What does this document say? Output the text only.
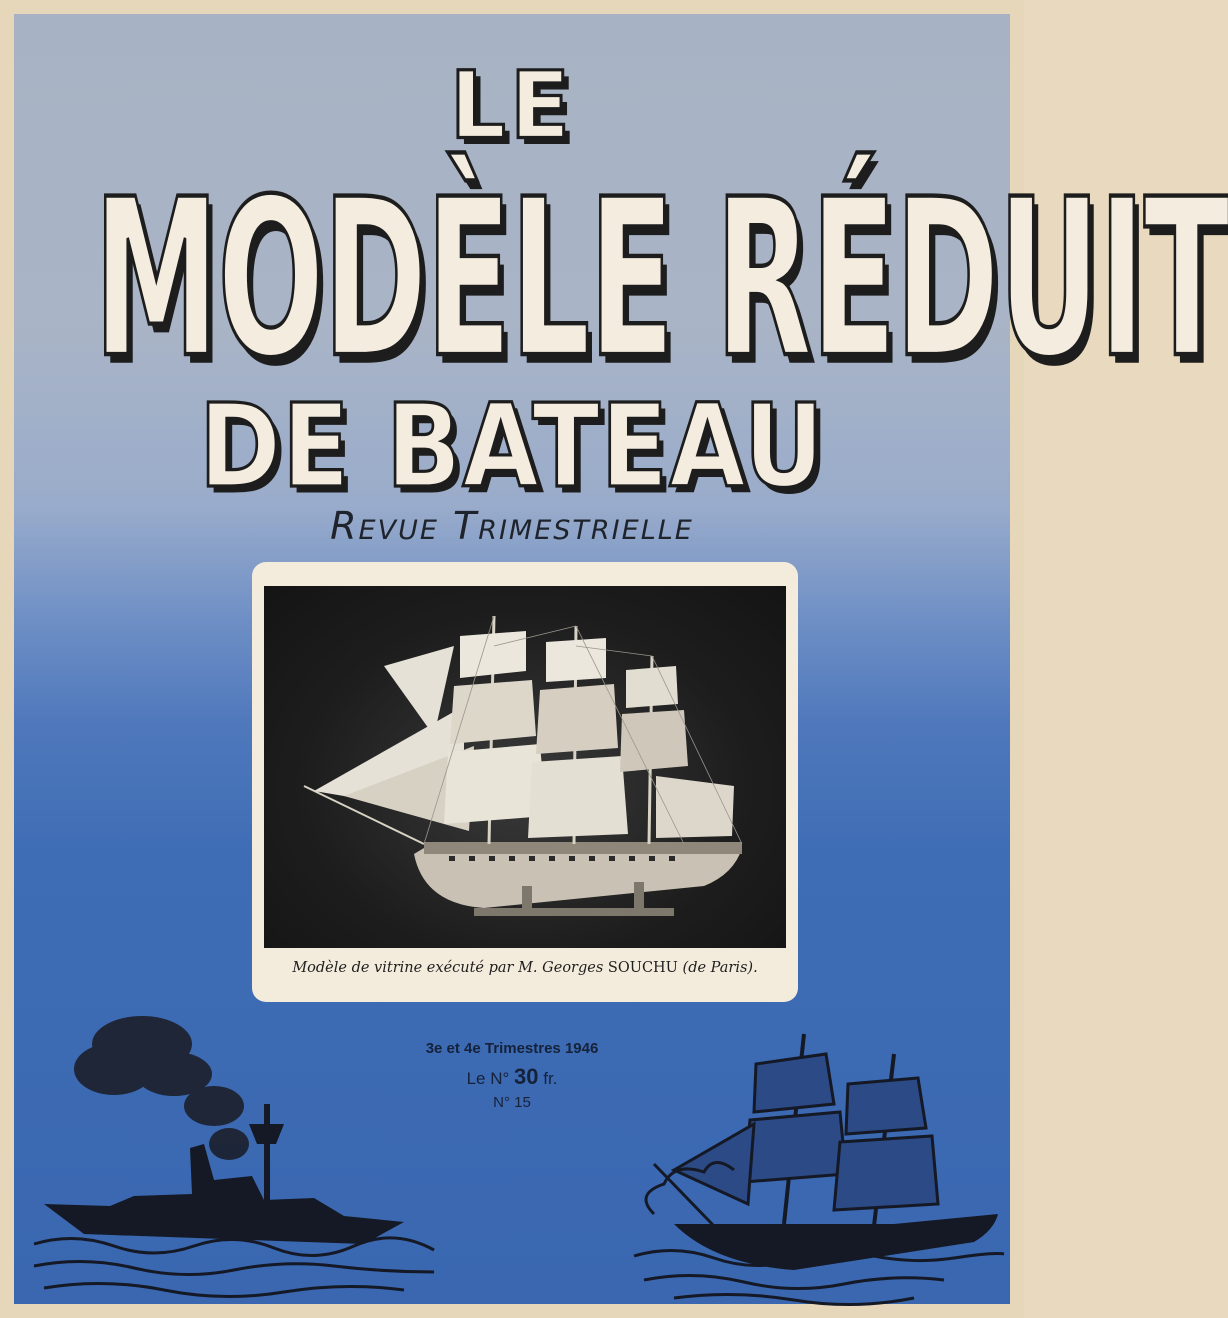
LE
MODÈLE RÉDUIT
DE BATEAU
Revue Trimestrielle
Modèle de vitrine exécuté par M. Georges SOUCHU (de Paris).
3e et 4e Trimestres 1946
Le N° 30 fr.
N° 15
